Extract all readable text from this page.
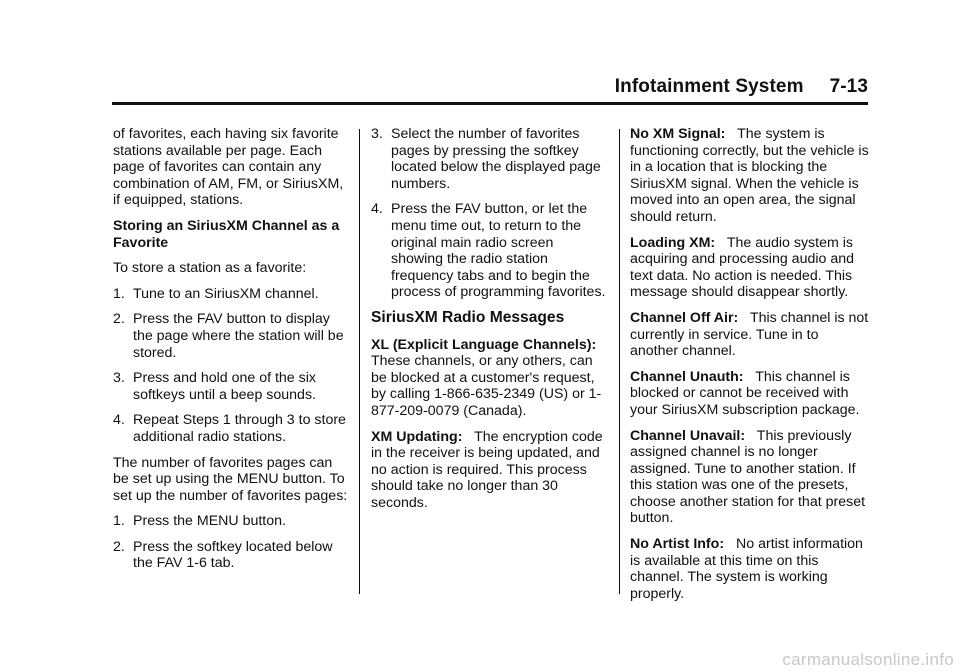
Infotainment System 7-13

of favorites, each having six favorite stations available per page. Each page of favorites can contain any combination of AM, FM, or SiriusXM, if equipped, stations.

Storing an SiriusXM Channel as a Favorite

To store a station as a favorite:

1. Tune to an SiriusXM channel.
2. Press the FAV button to display the page where the station will be stored.
3. Press and hold one of the six softkeys until a beep sounds.
4. Repeat Steps 1 through 3 to store additional radio stations.

The number of favorites pages can be set up using the MENU button. To set up the number of favorites pages:

1. Press the MENU button.
2. Press the softkey located below the FAV 1-6 tab.
3. Select the number of favorites pages by pressing the softkey located below the displayed page numbers.
4. Press the FAV button, or let the menu time out, to return to the original main radio screen showing the radio station frequency tabs and to begin the process of programming favorites.
SiriusXM Radio Messages

XL (Explicit Language Channels): These channels, or any others, can be blocked at a customer's request, by calling 1-866-635-2349 (US) or 1-877-209-0079 (Canada).

XM Updating: The encryption code in the receiver is being updated, and no action is required. This process should take no longer than 30 seconds.

No XM Signal: The system is functioning correctly, but the vehicle is in a location that is blocking the SiriusXM signal. When the vehicle is moved into an open area, the signal should return.

Loading XM: The audio system is acquiring and processing audio and text data. No action is needed. This message should disappear shortly.

Channel Off Air: This channel is not currently in service. Tune in to another channel.

Channel Unauth: This channel is blocked or cannot be received with your SiriusXM subscription package.

Channel Unavail: This previously assigned channel is no longer assigned. Tune to another station. If this station was one of the presets, choose another station for that preset button.

No Artist Info: No artist information is available at this time on this channel. The system is working properly.

carmanualsonline.info
